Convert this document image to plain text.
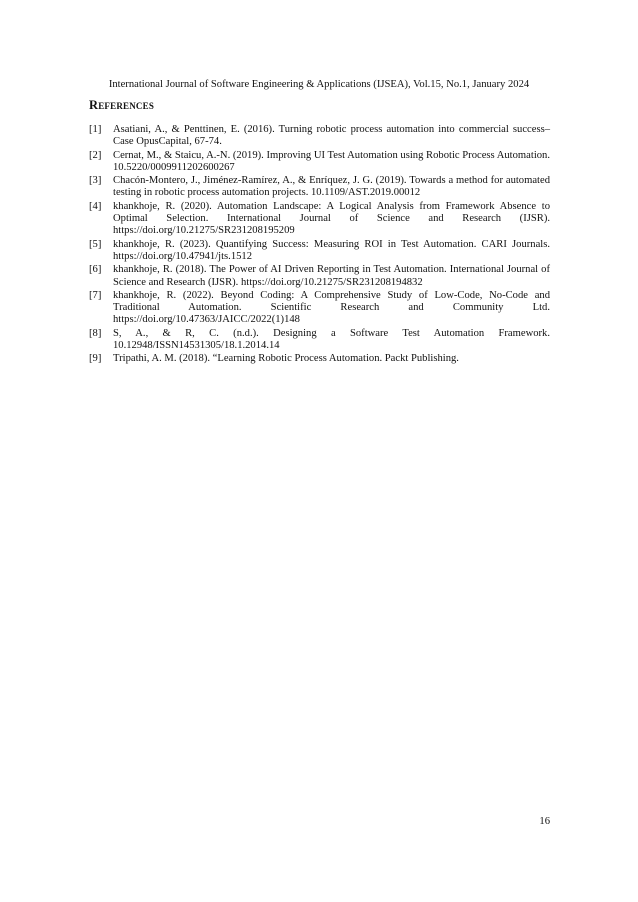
International Journal of Software Engineering & Applications (IJSEA), Vol.15, No.1, January 2024
References
[1] Asatiani, A., & Penttinen, E. (2016). Turning robotic process automation into commercial success– Case OpusCapital, 67-74.
[2] Cernat, M., & Staicu, A.-N. (2019). Improving UI Test Automation using Robotic Process Automation. 10.5220/0009911202600267
[3] Chacón-Montero, J., Jiménez-Ramírez, A., & Enríquez, J. G. (2019). Towards a method for automated testing in robotic process automation projects. 10.1109/AST.2019.00012
[4] khankhoje, R. (2020). Automation Landscape: A Logical Analysis from Framework Absence to Optimal Selection. International Journal of Science and Research (IJSR). https://doi.org/10.21275/SR231208195209
[5] khankhoje, R. (2023). Quantifying Success: Measuring ROI in Test Automation. CARI Journals. https://doi.org/10.47941/jts.1512
[6] khankhoje, R. (2018). The Power of AI Driven Reporting in Test Automation. International Journal of Science and Research (IJSR). https://doi.org/10.21275/SR231208194832
[7] khankhoje, R. (2022). Beyond Coding: A Comprehensive Study of Low-Code, No-Code and Traditional Automation. Scientific Research and Community Ltd. https://doi.org/10.47363/JAICC/2022(1)148
[8] S, A., & R, C. (n.d.). Designing a Software Test Automation Framework. 10.12948/ISSN14531305/18.1.2014.14
[9] Tripathi, A. M. (2018). “Learning Robotic Process Automation. Packt Publishing.
16
